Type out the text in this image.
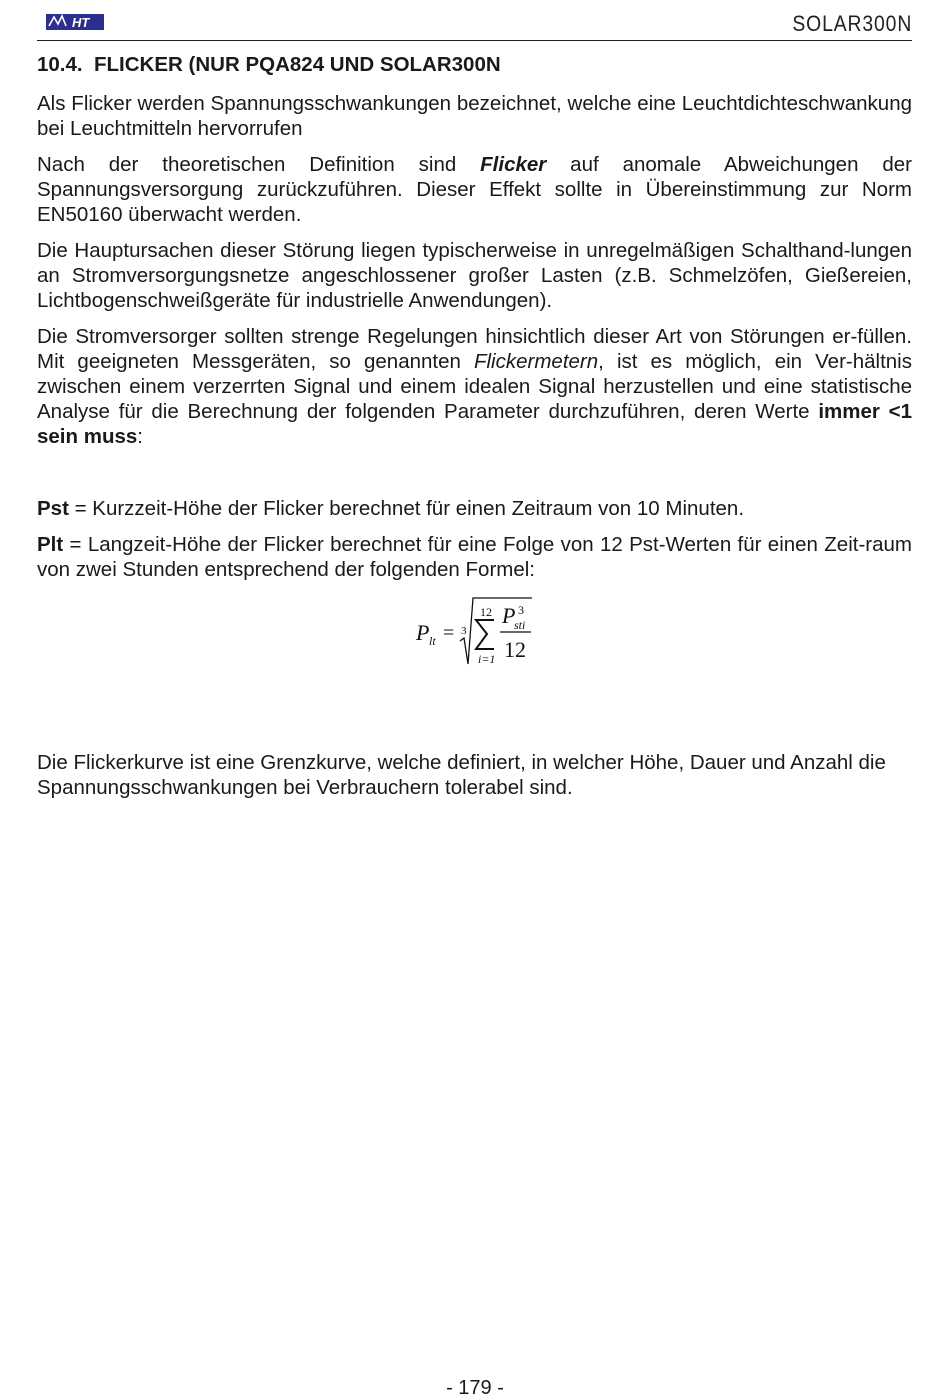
HT	SOLAR300N
10.4. FLICKER (NUR PQA824 UND SOLAR300N

Als Flicker werden Spannungsschwankungen bezeichnet, welche eine Leuchtdichteschwankung bei Leuchtmitteln hervorrufen

Nach der theoretischen Definition sind Flicker auf anomale Abweichungen der Spannungsversorgung zurückzuführen. Dieser Effekt sollte in Übereinstimmung zur Norm EN50160 überwacht werden.

Die Hauptursachen dieser Störung liegen typischerweise in unregelmäßigen Schalthand-lungen an Stromversorgungsnetze angeschlossener großer Lasten (z.B. Schmelzöfen, Gießereien, Lichtbogenschweißgeräte für industrielle Anwendungen).

Die Stromversorger sollten strenge Regelungen hinsichtlich dieser Art von Störungen er-füllen. Mit geeigneten Messgeräten, so genannten Flickermetern, ist es möglich, ein Ver-hältnis zwischen einem verzerrten Signal und einem idealen Signal herzustellen und eine statistische Analyse für die Berechnung der folgenden Parameter durchzuführen, deren Werte immer <1 sein muss:

Pst = Kurzzeit-Höhe der Flicker berechnet für einen Zeitraum von 10 Minuten.

Plt = Langzeit-Höhe der Flicker berechnet für eine Folge von 12 Pst-Werten für einen Zeit-raum von zwei Stunden entsprechend der folgenden Formel:

P lt = 3
12
i=1
P 3
sti
12

Die Flickerkurve ist eine Grenzkurve, welche definiert, in welcher Höhe, Dauer und Anzahl die Spannungsschwankungen bei Verbrauchern tolerabel sind.

- 179 -
